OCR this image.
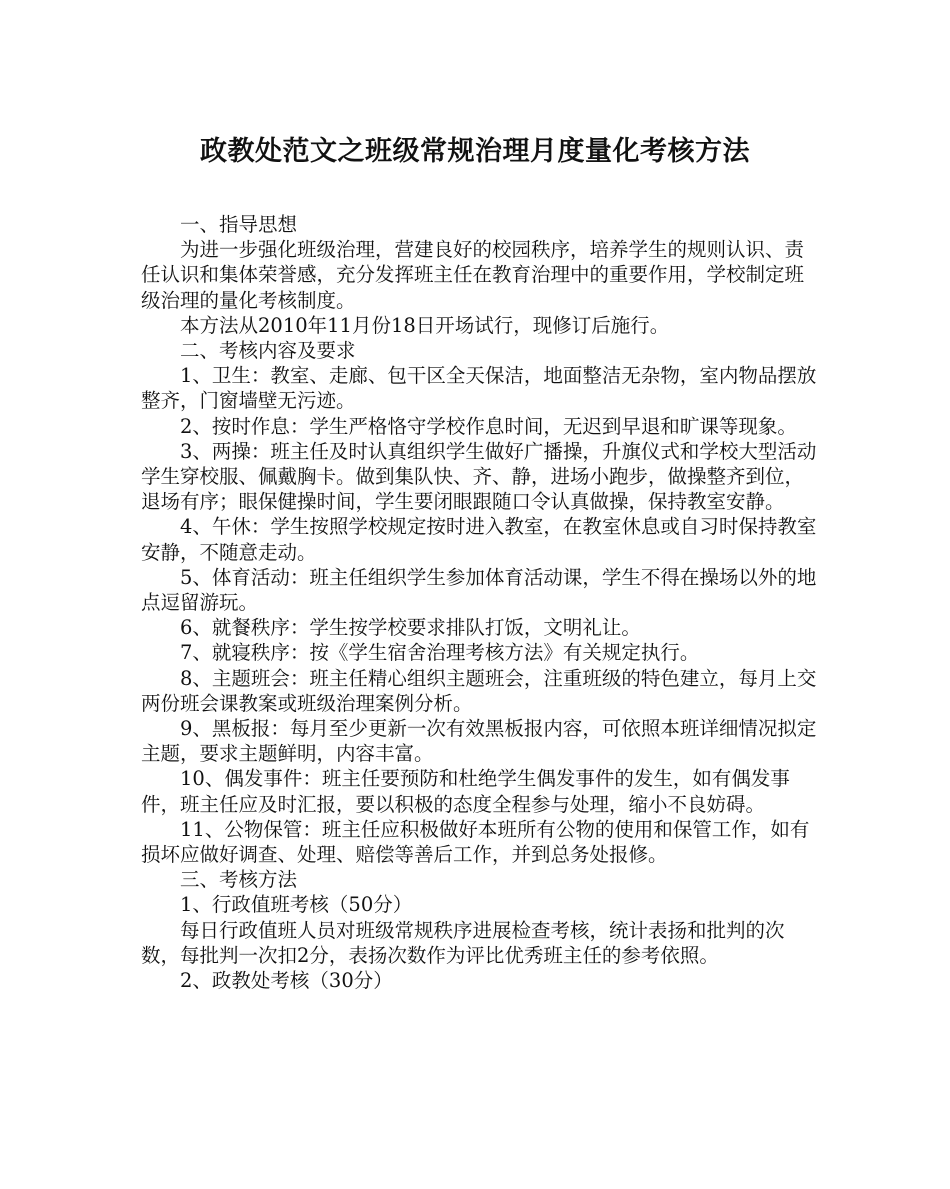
政教处范文之班级常规治理月度量化考核方法

一、指导思想

为进一步强化班级治理，营建良好的校园秩序，培养学生的规则认识、责任认识和集体荣誉感，充分发挥班主任在教育治理中的重要作用，学校制定班级治理的量化考核制度。

本方法从2010年11月份18日开场试行，现修订后施行。

二、考核内容及要求

1、卫生：教室、走廊、包干区全天保洁，地面整洁无杂物，室内物品摆放整齐，门窗墙壁无污迹。

2、按时作息：学生严格恪守学校作息时间，无迟到早退和旷课等现象。

3、两操：班主任及时认真组织学生做好广播操，升旗仪式和学校大型活动学生穿校服、佩戴胸卡。做到集队快、齐、静，进场小跑步，做操整齐到位，退场有序；眼保健操时间，学生要闭眼跟随口令认真做操，保持教室安静。

4、午休：学生按照学校规定按时进入教室，在教室休息或自习时保持教室安静，不随意走动。

5、体育活动：班主任组织学生参加体育活动课，学生不得在操场以外的地点逗留游玩。

6、就餐秩序：学生按学校要求排队打饭，文明礼让。

7、就寝秩序：按《学生宿舍治理考核方法》有关规定执行。

8、主题班会：班主任精心组织主题班会，注重班级的特色建立，每月上交两份班会课教案或班级治理案例分析。

9、黑板报：每月至少更新一次有效黑板报内容，可依照本班详细情况拟定主题，要求主题鲜明，内容丰富。

10、偶发事件：班主任要预防和杜绝学生偶发事件的发生，如有偶发事件，班主任应及时汇报，要以积极的态度全程参与处理，缩小不良妨碍。

11、公物保管：班主任应积极做好本班所有公物的使用和保管工作，如有损坏应做好调查、处理、赔偿等善后工作，并到总务处报修。

三、考核方法

1、行政值班考核（50分）

每日行政值班人员对班级常规秩序进展检查考核，统计表扬和批判的次数，每批判一次扣2分，表扬次数作为评比优秀班主任的参考依照。

2、政教处考核（30分）
